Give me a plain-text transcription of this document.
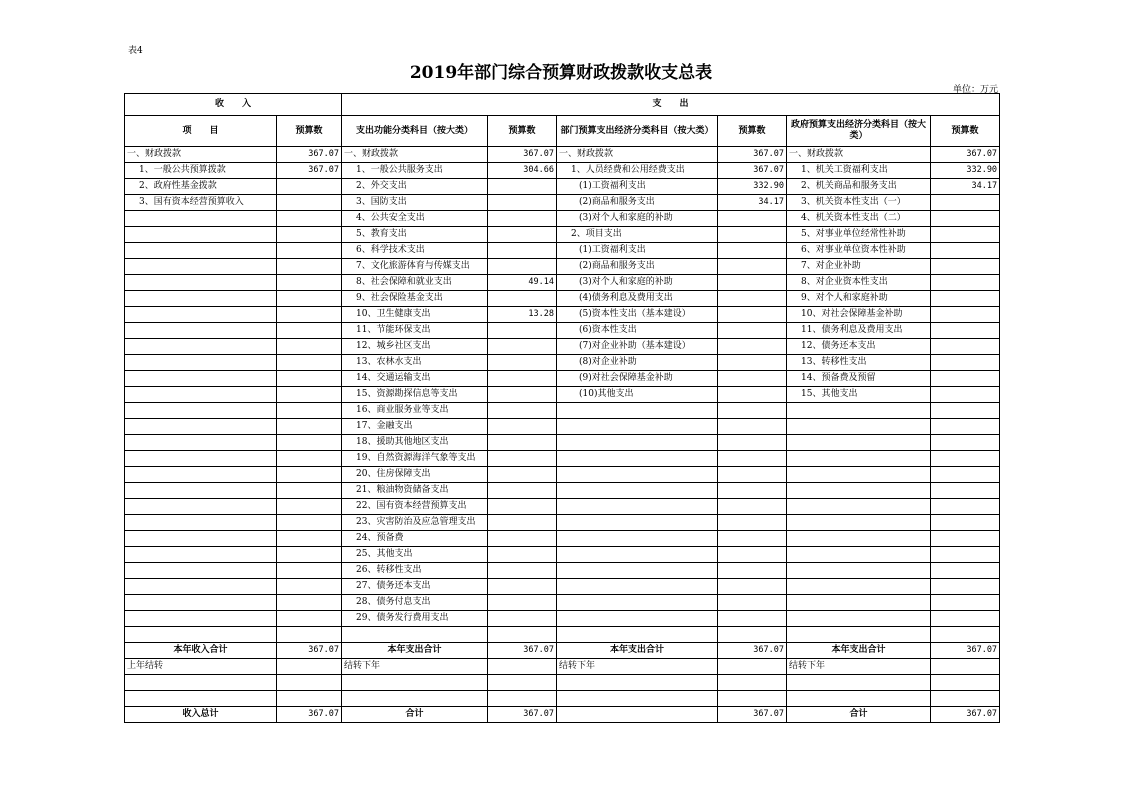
表4
2019年部门综合预算财政拨款收支总表
单位：万元
收　　入		支　　出					
项　　目	预算数	支出功能分类科目（按大类）	预算数	部门预算支出经济分类科目（按大类）	预算数	政府预算支出经济分类科目（按大类）	预算数
一、财政拨款	367.07	一、财政拨款	367.07	一、财政拨款	367.07	一、财政拨款	367.07
1、一般公共预算拨款	367.07	1、一般公共服务支出	304.66	1、人员经费和公用经费支出	367.07	1、机关工资福利支出	332.90
2、政府性基金拨款		2、外交支出		(1)工资福利支出	332.90	2、机关商品和服务支出	34.17
3、国有资本经营预算收入		3、国防支出		(2)商品和服务支出	34.17	3、机关资本性支出（一）	
		4、公共安全支出		(3)对个人和家庭的补助		4、机关资本性支出（二）	
		5、教育支出		2、项目支出		5、对事业单位经常性补助	
		6、科学技术支出		(1)工资福利支出		6、对事业单位资本性补助	
		7、文化旅游体育与传媒支出		(2)商品和服务支出		7、对企业补助	
		8、社会保障和就业支出	49.14	(3)对个人和家庭的补助		8、对企业资本性支出	
		9、社会保险基金支出		(4)债务利息及费用支出		9、对个人和家庭补助	
		10、卫生健康支出	13.28	(5)资本性支出（基本建设）		10、对社会保障基金补助	
		11、节能环保支出		(6)资本性支出		11、债务利息及费用支出	
		12、城乡社区支出		(7)对企业补助（基本建设）		12、债务还本支出	
		13、农林水支出		(8)对企业补助		13、转移性支出	
		14、交通运输支出		(9)对社会保障基金补助		14、预备费及预留	
		15、资源勘探信息等支出		(10)其他支出		15、其他支出	
		16、商业服务业等支出					
		17、金融支出					
		18、援助其他地区支出					
		19、自然资源海洋气象等支出					
		20、住房保障支出					
		21、粮油物资储备支出					
		22、国有资本经营预算支出					
		23、灾害防治及应急管理支出					
		24、预备费					
		25、其他支出					
		26、转移性支出					
		27、债务还本支出					
		28、债务付息支出					
		29、债务发行费用支出					

本年收入合计	367.07	本年支出合计	367.07	本年支出合计	367.07	本年支出合计	367.07
上年结转		结转下年		结转下年		结转下年	

收入总计	367.07	合计	367.07		367.07	合计	367.07
